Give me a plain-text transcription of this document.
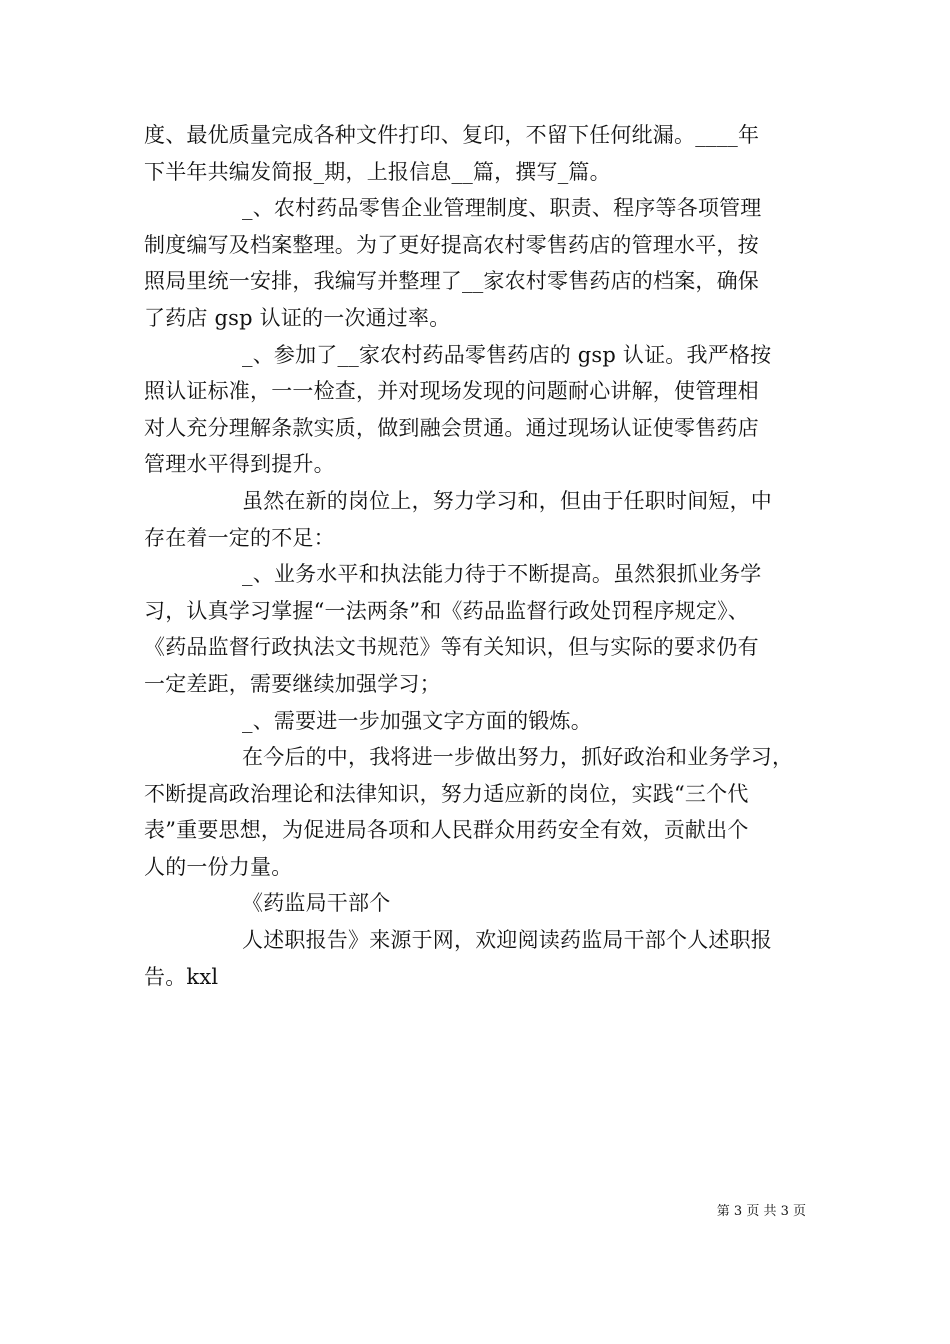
度、最优质量完成各种文件打印、复印，不留下任何纰漏。____年
下半年共编发简报_期，上报信息__篇，撰写_篇。
_、农村药品零售企业管理制度、职责、程序等各项管理
制度编写及档案整理。为了更好提高农村零售药店的管理水平，按
照局里统一安排，我编写并整理了__家农村零售药店的档案，确保
了药店 gsp 认证的一次通过率。
_、参加了__家农村药品零售药店的 gsp 认证。我严格按
照认证标准，一一检查，并对现场发现的问题耐心讲解，使管理相
对人充分理解条款实质，做到融会贯通。通过现场认证使零售药店
管理水平得到提升。
虽然在新的岗位上，努力学习和，但由于任职时间短，中
存在着一定的不足：
_、业务水平和执法能力待于不断提高。虽然狠抓业务学
习，认真学习掌握“一法两条”和《药品监督行政处罚程序规定》、
《药品监督行政执法文书规范》等有关知识，但与实际的要求仍有
一定差距，需要继续加强学习；
_、需要进一步加强文字方面的锻炼。
在今后的中，我将进一步做出努力，抓好政治和业务学习，
不断提高政治理论和法律知识，努力适应新的岗位，实践“三个代
表”重要思想，为促进局各项和人民群众用药安全有效，贡献出个
人的一份力量。
《药监局干部个
人述职报告》来源于网，欢迎阅读药监局干部个人述职报
告。kxl
第 3 页 共 3 页
